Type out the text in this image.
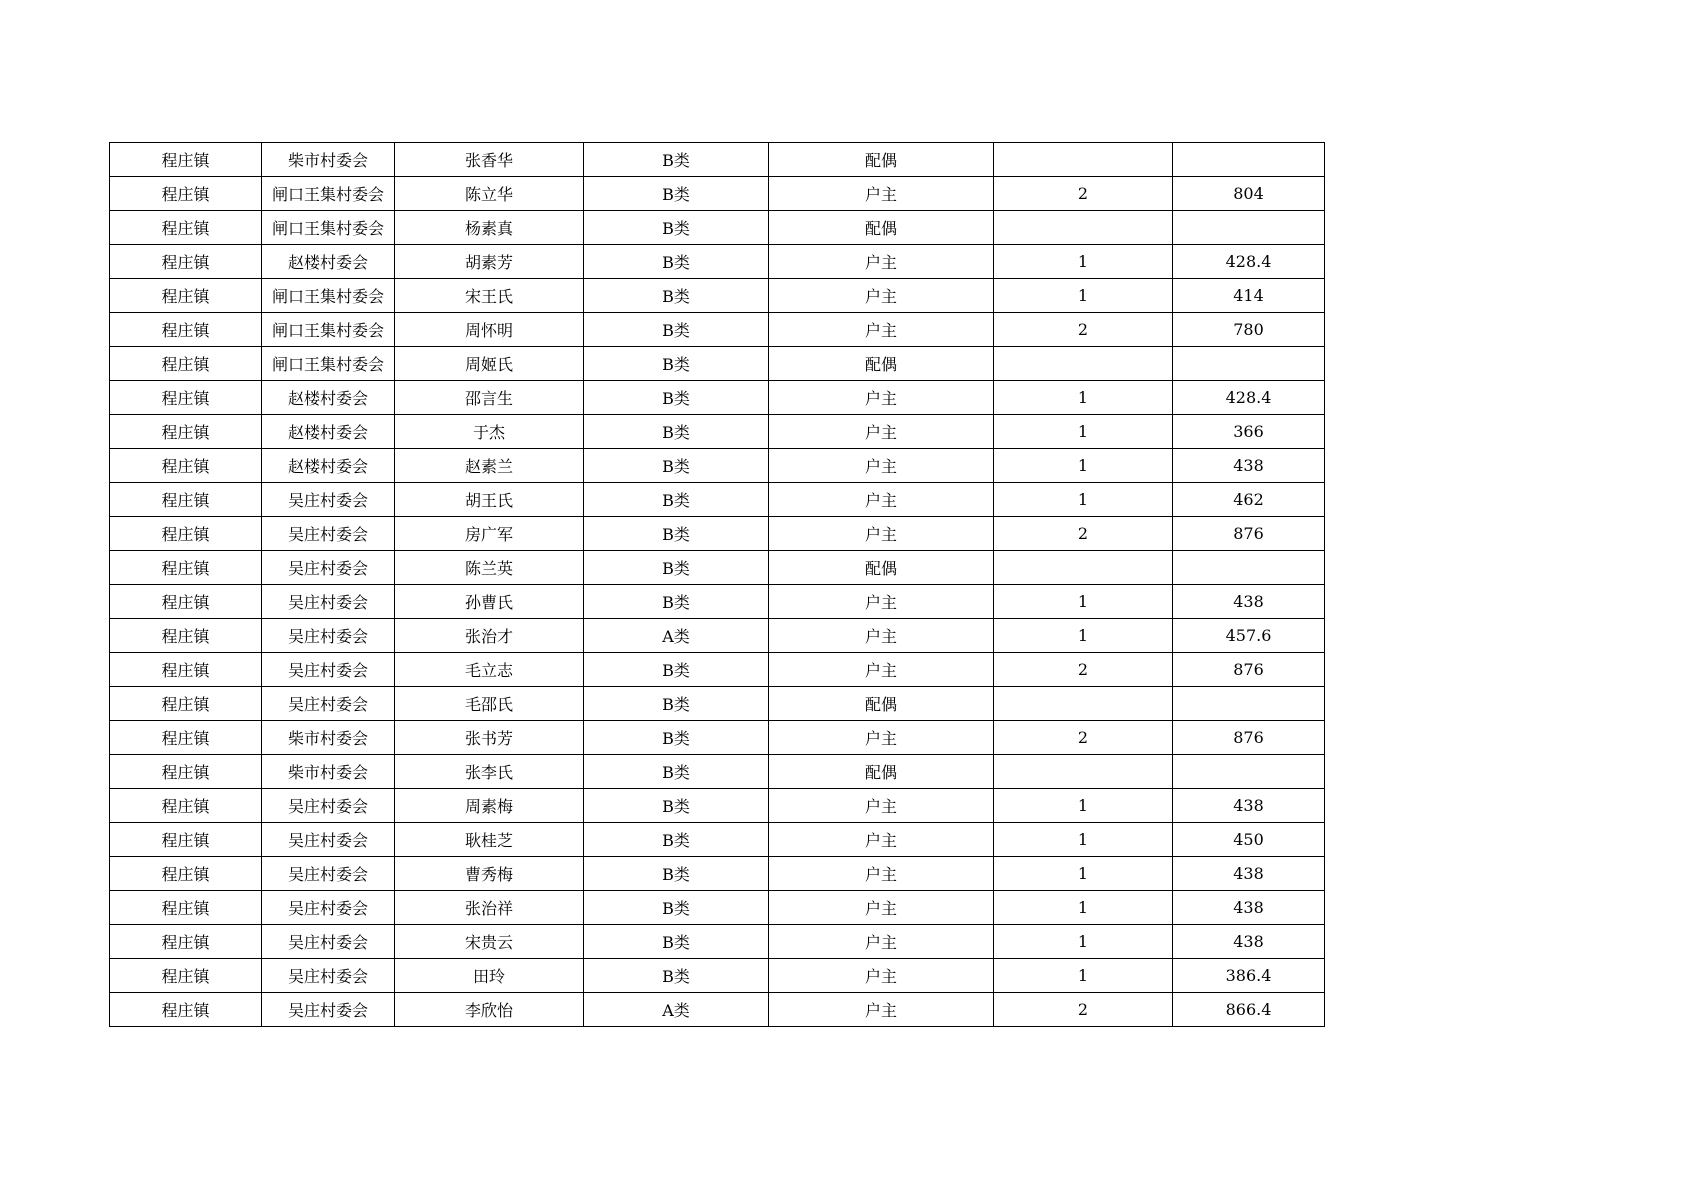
程庄镇	柴市村委会	张香华	B类	配偶		
程庄镇	闸口王集村委会	陈立华	B类	户主	2	804
程庄镇	闸口王集村委会	杨素真	B类	配偶		
程庄镇	赵楼村委会	胡素芳	B类	户主	1	428.4
程庄镇	闸口王集村委会	宋王氏	B类	户主	1	414
程庄镇	闸口王集村委会	周怀明	B类	户主	2	780
程庄镇	闸口王集村委会	周姬氏	B类	配偶		
程庄镇	赵楼村委会	邵言生	B类	户主	1	428.4
程庄镇	赵楼村委会	于杰	B类	户主	1	366
程庄镇	赵楼村委会	赵素兰	B类	户主	1	438
程庄镇	吴庄村委会	胡王氏	B类	户主	1	462
程庄镇	吴庄村委会	房广军	B类	户主	2	876
程庄镇	吴庄村委会	陈兰英	B类	配偶		
程庄镇	吴庄村委会	孙曹氏	B类	户主	1	438
程庄镇	吴庄村委会	张治才	A类	户主	1	457.6
程庄镇	吴庄村委会	毛立志	B类	户主	2	876
程庄镇	吴庄村委会	毛邵氏	B类	配偶		
程庄镇	柴市村委会	张书芳	B类	户主	2	876
程庄镇	柴市村委会	张李氏	B类	配偶		
程庄镇	吴庄村委会	周素梅	B类	户主	1	438
程庄镇	吴庄村委会	耿桂芝	B类	户主	1	450
程庄镇	吴庄村委会	曹秀梅	B类	户主	1	438
程庄镇	吴庄村委会	张治祥	B类	户主	1	438
程庄镇	吴庄村委会	宋贵云	B类	户主	1	438
程庄镇	吴庄村委会	田玲	B类	户主	1	386.4
程庄镇	吴庄村委会	李欣怡	A类	户主	2	866.4
